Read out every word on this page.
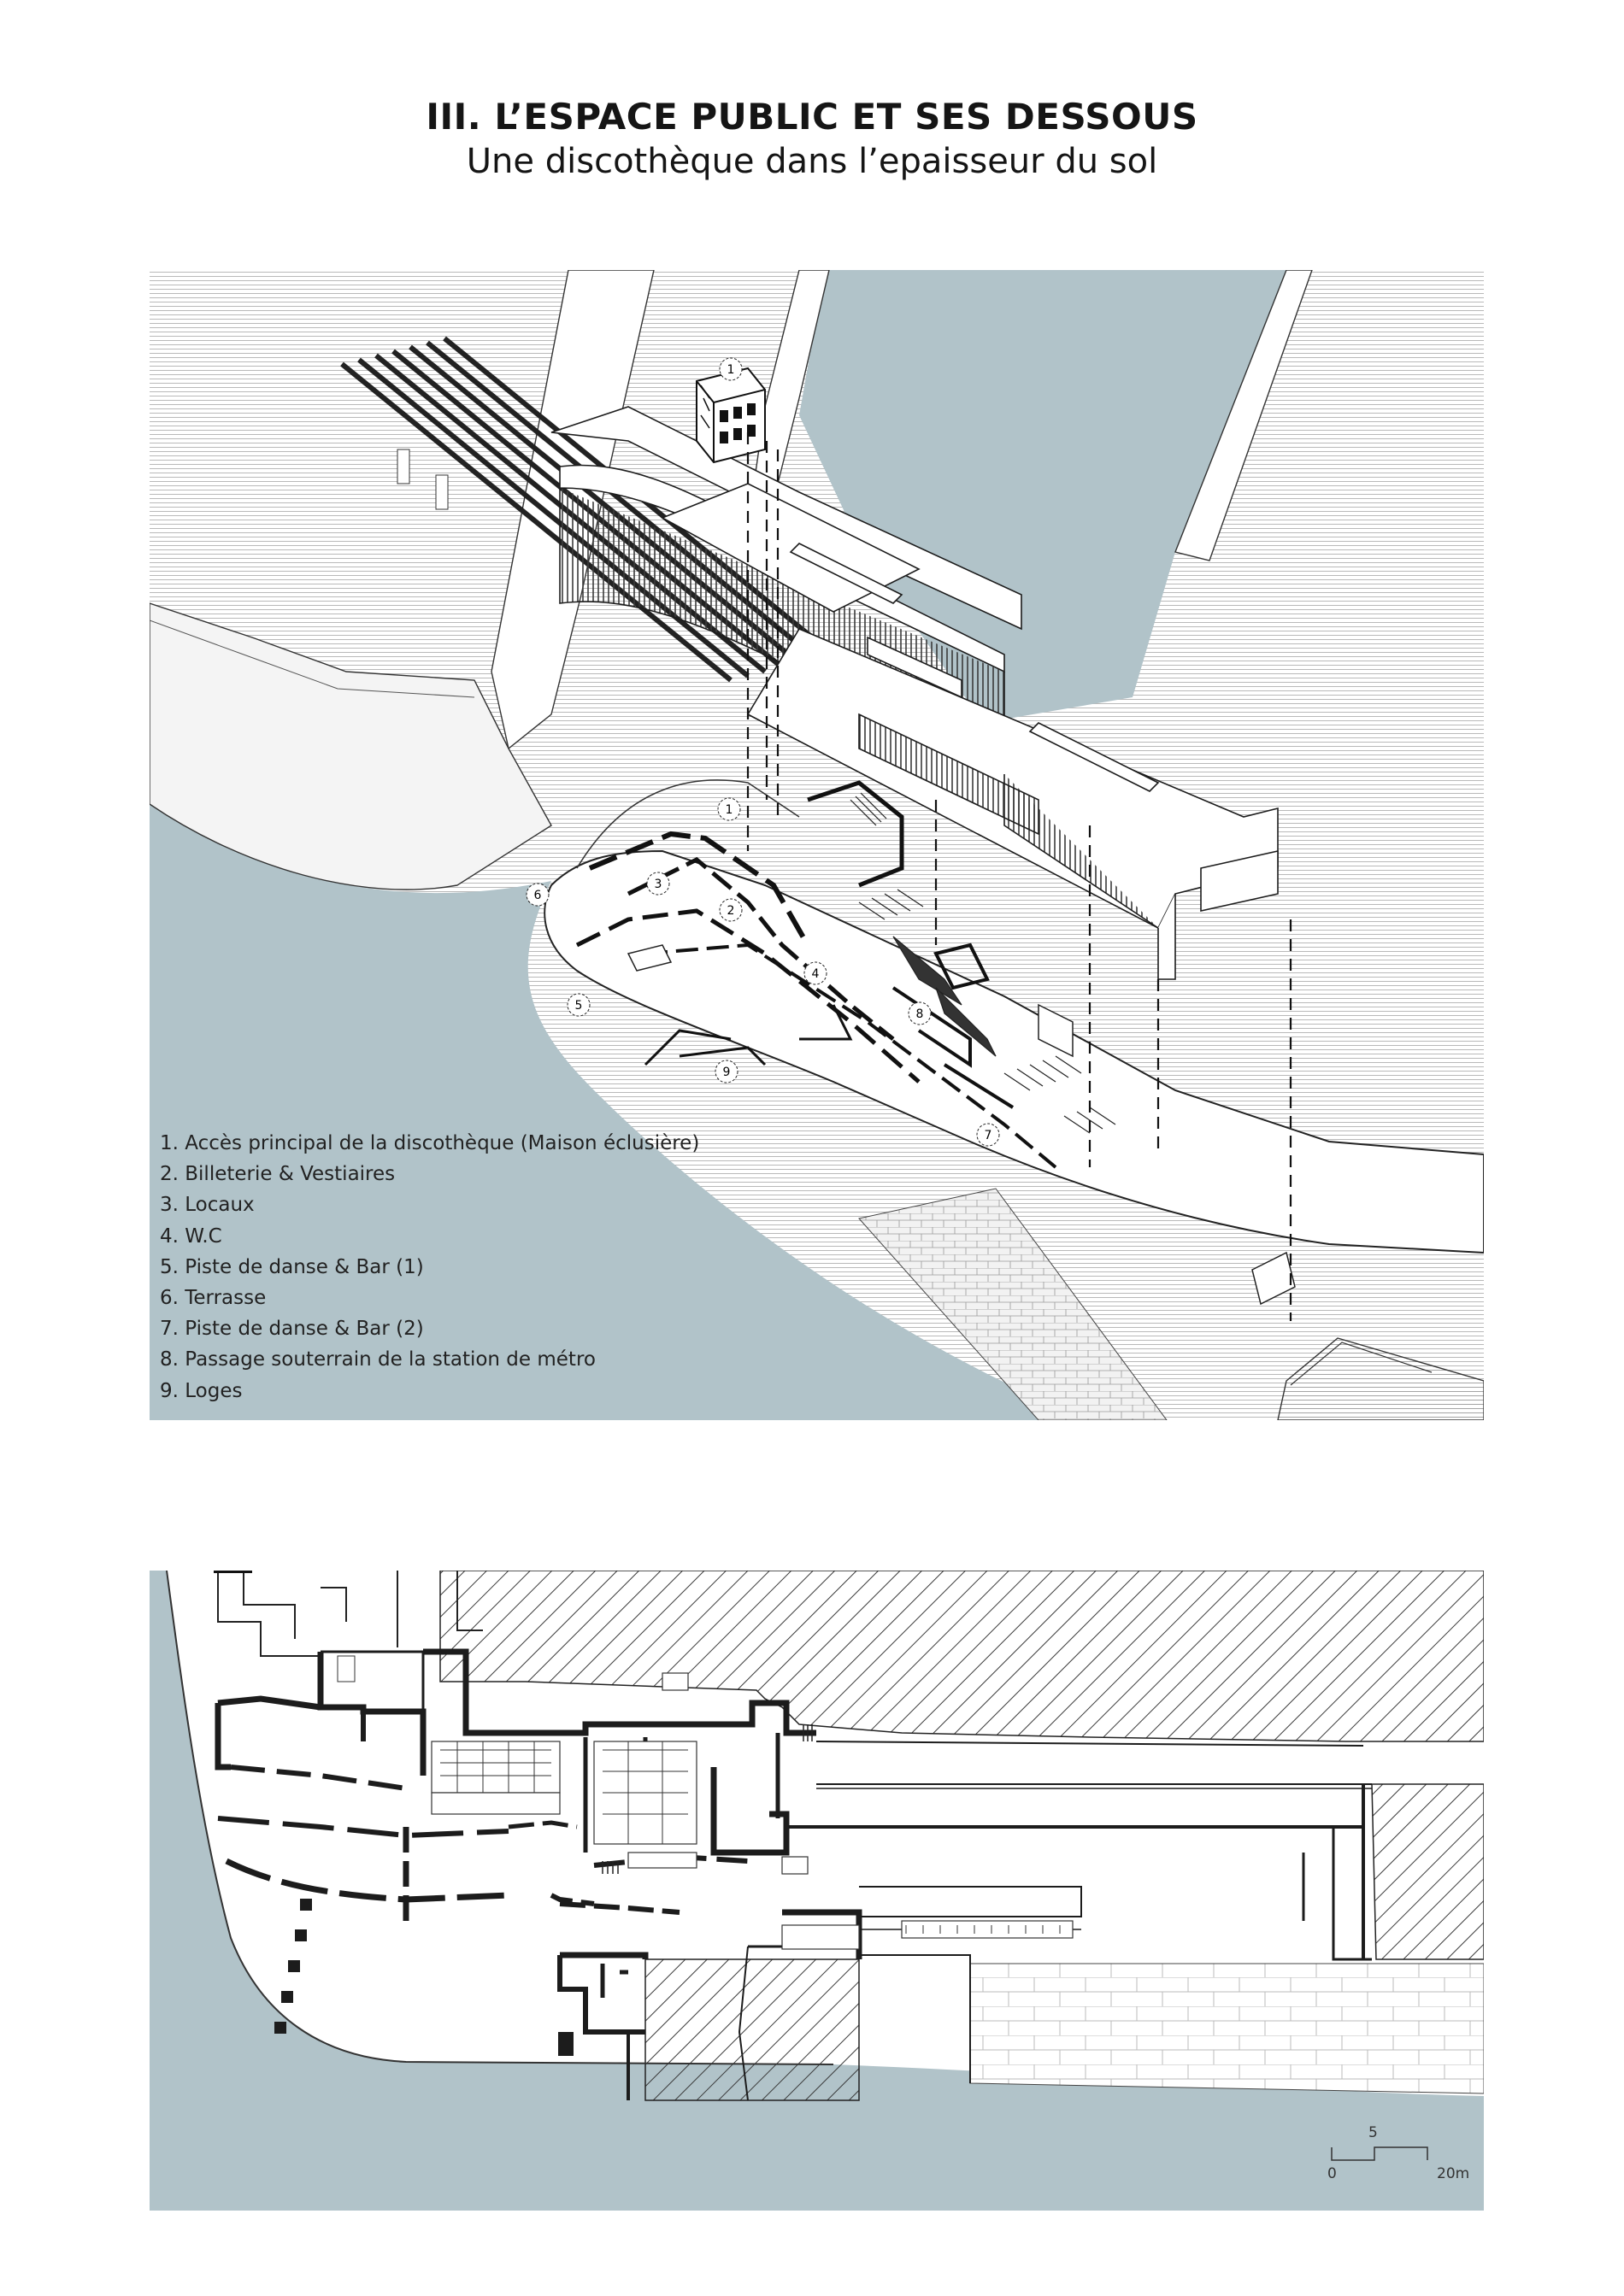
III. L’ESPACE PUBLIC ET SES DESSOUS
Une discothèque dans l’epaisseur du sol
1
1
2
3
4
5
6
7
8
9
1. Accès principal de la discothèque (Maison éclusière)
2. Billeterie & Vestiaires
3. Locaux
4. W.C
5. Piste de danse & Bar (1)
6. Terrasse
7. Piste de danse & Bar (2)
8. Passage souterrain de la station de métro
9. Loges
5
0	20m
